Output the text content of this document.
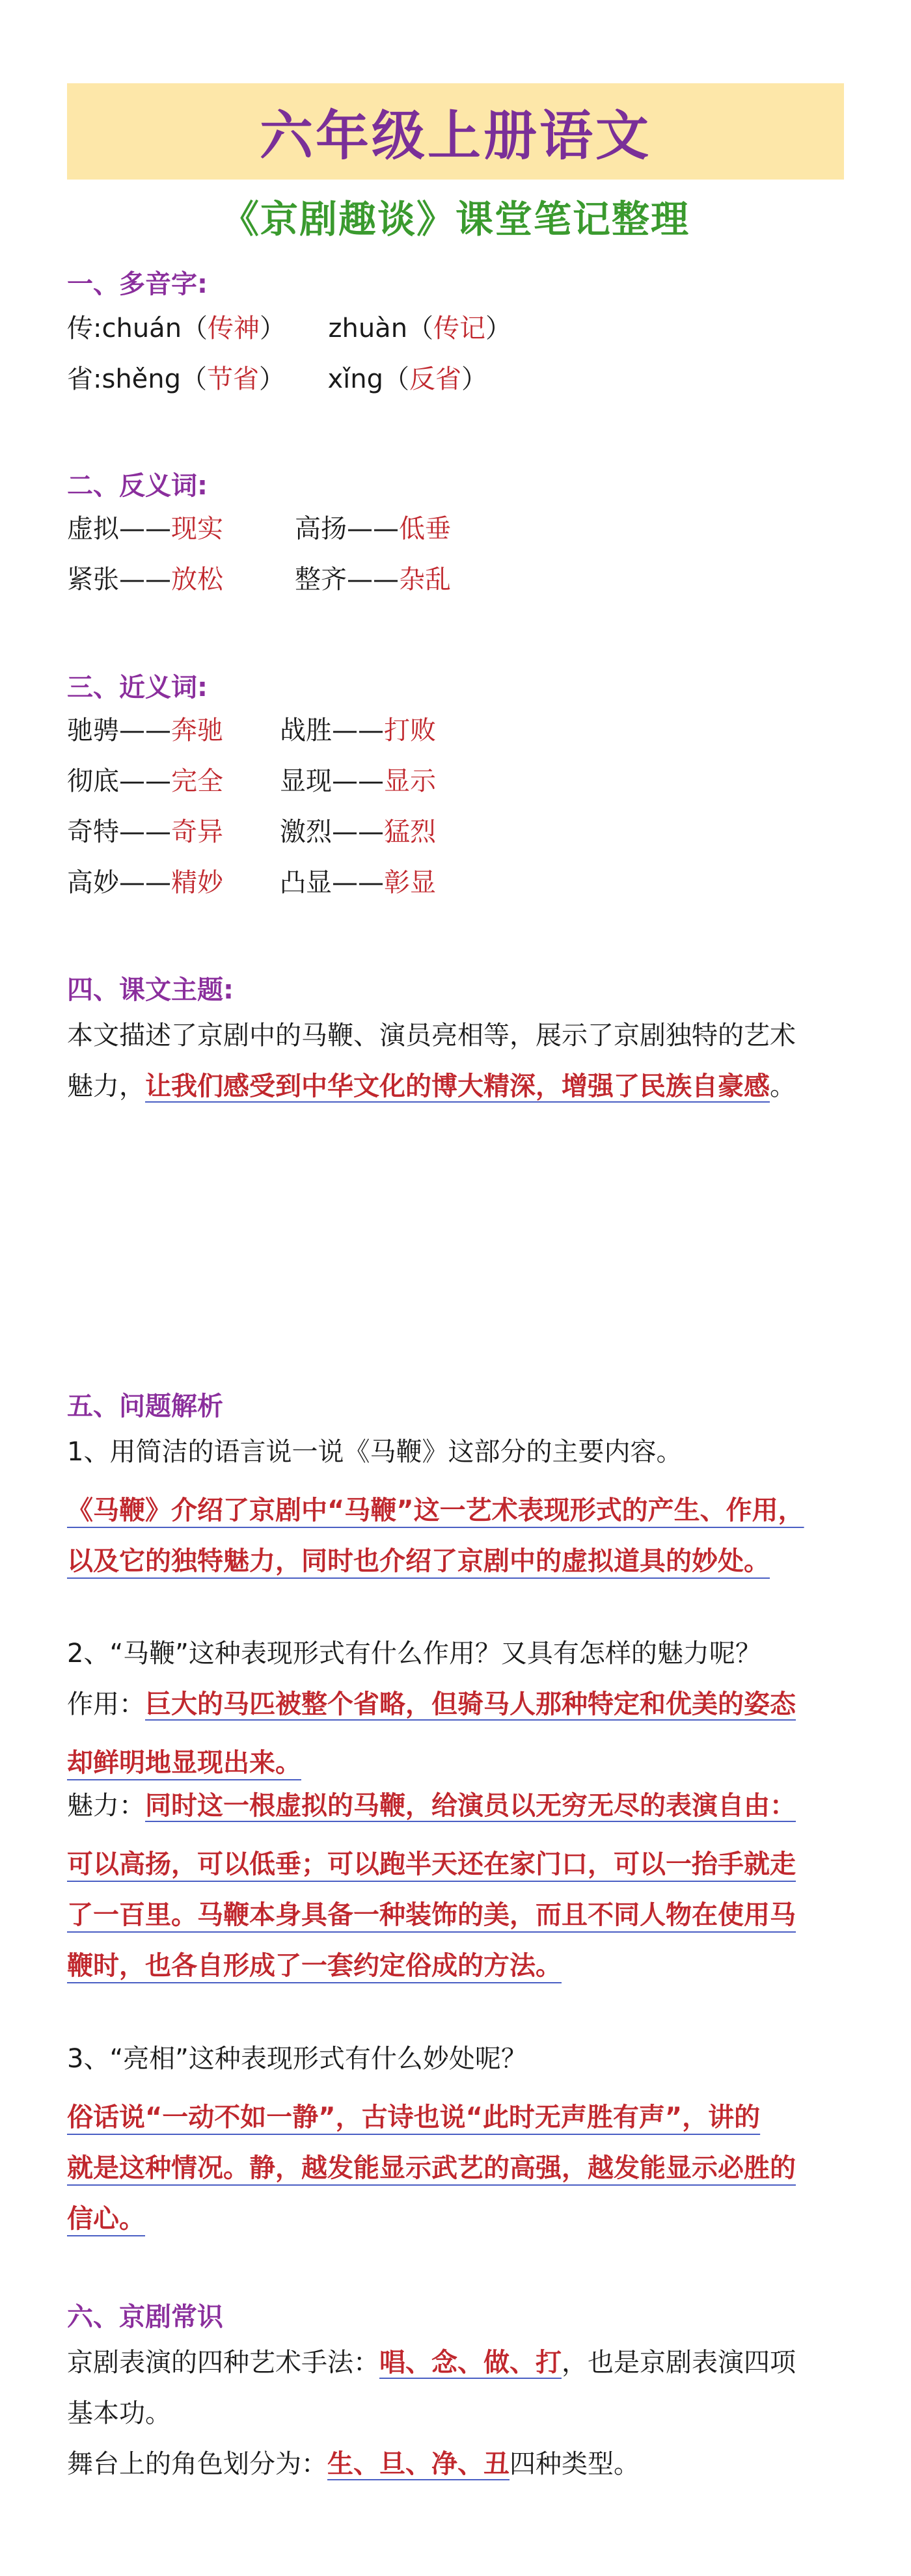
六年级上册语文
《京剧趣谈》课堂笔记整理
一、多音字:
传:chuán（传神） zhuàn（传记）
省:shěng（节省） xǐng（反省）
二、反义词:
虚拟——现实	高扬——低垂
紧张——放松	整齐——杂乱
三、近义词:
驰骋——奔驰 战胜——打败
彻底——完全 显现——显示
奇特——奇异 激烈——猛烈
高妙——精妙 凸显——彰显
四、课文主题:
本文描述了京剧中的马鞭、演员亮相等，展示了京剧独特的艺术
魅力，让我们感受到中华文化的博大精深，增强了民族自豪感。
五、问题解析
1、用简洁的语言说一说《马鞭》这部分的主要内容。
《马鞭》介绍了京剧中“马鞭”这一艺术表现形式的产生、作用，
以及它的独特魅力，同时也介绍了京剧中的虚拟道具的妙处。
2、“马鞭”这种表现形式有什么作用？又具有怎样的魅力呢？
作用：巨大的马匹被整个省略，但骑马人那种特定和优美的姿态
却鲜明地显现出来。
魅力：同时这一根虚拟的马鞭，给演员以无穷无尽的表演自由：
可以高扬，可以低垂；可以跑半天还在家门口，可以一抬手就走
了一百里。马鞭本身具备一种装饰的美，而且不同人物在使用马
鞭时，也各自形成了一套约定俗成的方法。
3、“亮相”这种表现形式有什么妙处呢？
俗话说“一动不如一静”，古诗也说“此时无声胜有声”，讲的
就是这种情况。静，越发能显示武艺的高强，越发能显示必胜的
信心。
六、京剧常识
京剧表演的四种艺术手法：唱、念、做、打，也是京剧表演四项
基本功。
舞台上的角色划分为：生、旦、净、丑四种类型。
